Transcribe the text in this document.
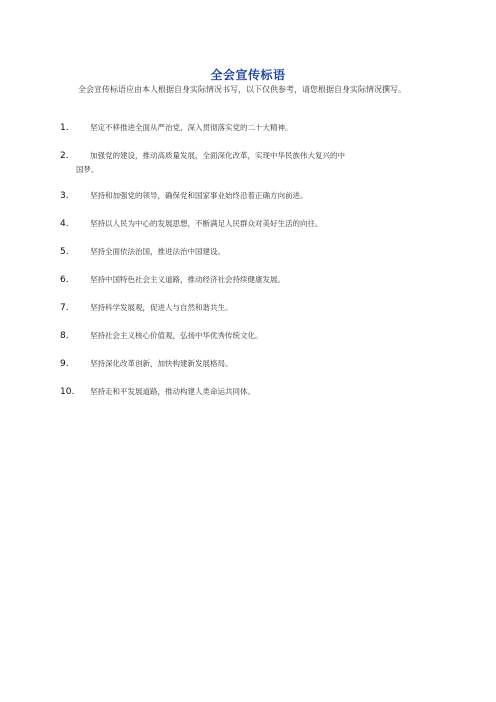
全会宣传标语
全会宣传标语应由本人根据自身实际情况书写，以下仅供参考，请您根据自身实际情况撰写。
1.	坚定不移推进全面从严治党，深入贯彻落实党的二十大精神。
2.	加强党的建设，推动高质量发展，全面深化改革，实现中华民族伟大复兴的中
国梦。
3.	坚持和加强党的领导，确保党和国家事业始终沿着正确方向前进。
4.	坚持以人民为中心的发展思想，不断满足人民群众对美好生活的向往。
5.	坚持全面依法治国，推进法治中国建设。
6.	坚持中国特色社会主义道路，推动经济社会持续健康发展。
7.	坚持科学发展观，促进人与自然和谐共生。
8.	坚持社会主义核心价值观，弘扬中华优秀传统文化。
9.	坚持深化改革创新，加快构建新发展格局。
10.	坚持走和平发展道路，推动构建人类命运共同体。
